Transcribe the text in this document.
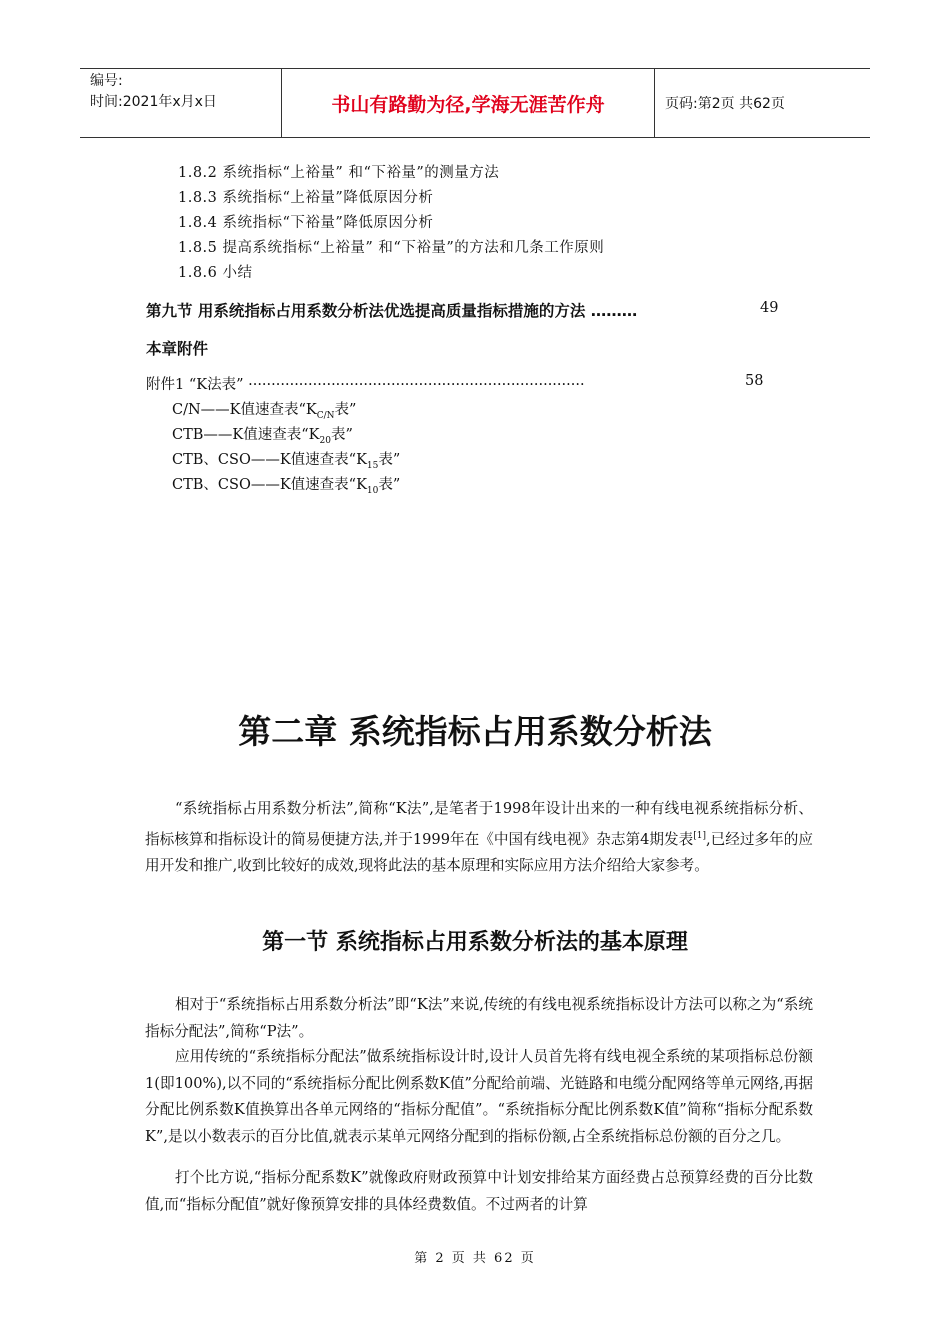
编号:
时间:2021年x月x日	书山有路勤为径,学海无涯苦作舟	页码:第2页 共62页
1.8.2 系统指标“上裕量” 和“下裕量”的测量方法
1.8.3 系统指标“上裕量”降低原因分析
1.8.4 系统指标“下裕量”降低原因分析
1.8.5 提高系统指标“上裕量” 和“下裕量”的方法和几条工作原则
1.8.6 小结
第九节 用系统指标占用系数分析法优选提高质量指标措施的方法 ………	49
本章附件
附件1 “K法表” ·········································································	58
C/N——K值速查表“$K_{C/N}$表”
CTB——K值速查表“$K_{20}$表”
CTB、CSO——K值速查表“$K_{15}$表”
CTB、CSO——K值速查表“$K_{10}$表”
第二章 系统指标占用系数分析法
“系统指标占用系数分析法”,简称“K法”,是笔者于1998年设计出来的一种有线电视系统指标分析、指标核算和指标设计的简易便捷方法,并于1999年在《中国有线电视》杂志第4期发表[1],已经过多年的应用开发和推广,收到比较好的成效,现将此法的基本原理和实际应用方法介绍给大家参考。
第一节 系统指标占用系数分析法的基本原理
相对于“系统指标占用系数分析法”即“K法”来说,传统的有线电视系统指标设计方法可以称之为“系统指标分配法”,简称“P法”。
应用传统的“系统指标分配法”做系统指标设计时,设计人员首先将有线电视全系统的某项指标总份额1(即100%),以不同的“系统指标分配比例系数K值”分配给前端、光链路和电缆分配网络等单元网络,再据分配比例系数K值换算出各单元网络的“指标分配值”。“系统指标分配比例系数K值”简称“指标分配系数K”,是以小数表示的百分比值,就表示某单元网络分配到的指标份额,占全系统指标总份额的百分之几。
打个比方说,“指标分配系数K”就像政府财政预算中计划安排给某方面经费占总预算经费的百分比数值,而“指标分配值”就好像预算安排的具体经费数值。不过两者的计算
第 2 页 共 62 页
